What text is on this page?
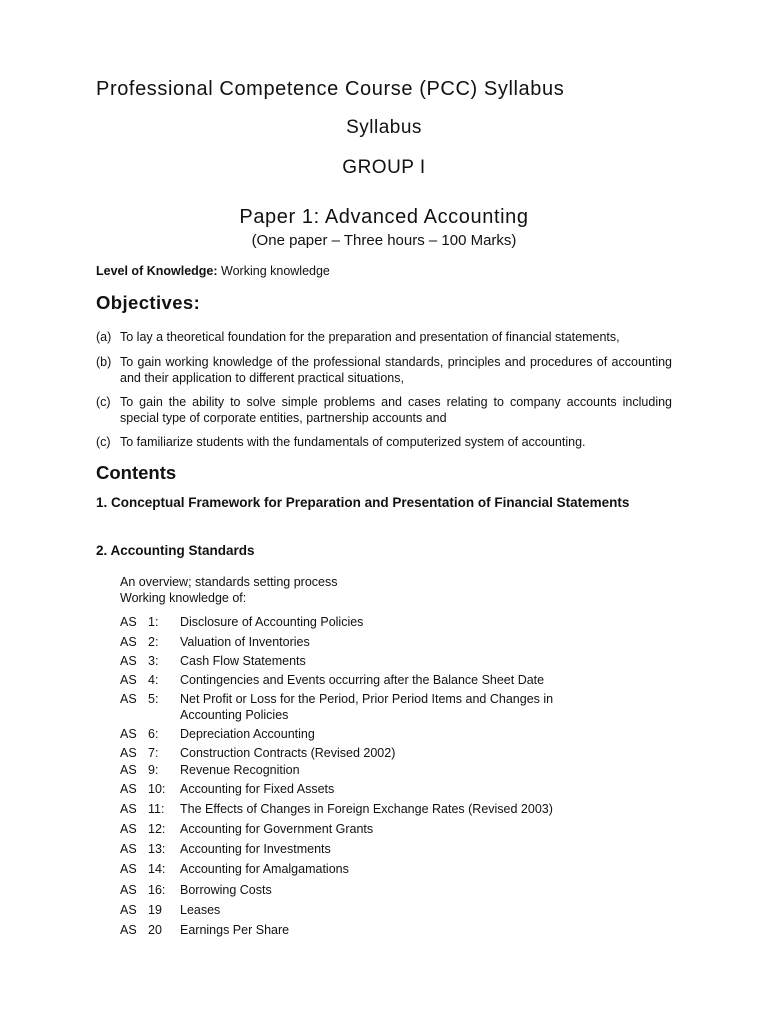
Professional Competence Course (PCC) Syllabus
Syllabus
GROUP I
Paper 1: Advanced Accounting
(One paper – Three hours – 100 Marks)
Level of Knowledge: Working knowledge
Objectives:
(a) To lay a theoretical foundation for the preparation and presentation of financial statements,
(b) To gain working knowledge of the professional standards, principles and procedures of accounting and their application to different practical situations,
(c) To gain the ability to solve simple problems and cases relating to company accounts including special type of corporate entities, partnership accounts and
(c) To familiarize students with the fundamentals of computerized system of accounting.
Contents
1. Conceptual Framework for Preparation and Presentation of Financial Statements
2. Accounting Standards
An overview; standards setting process
Working knowledge of:
AS 1: Disclosure of Accounting Policies
AS 2: Valuation of Inventories
AS 3: Cash Flow Statements
AS 4: Contingencies and Events occurring after the Balance Sheet Date
AS 5: Net Profit or Loss for the Period, Prior Period Items and Changes in Accounting Policies
AS 6: Depreciation Accounting
AS 7: Construction Contracts (Revised 2002)
AS 9: Revenue Recognition
AS 10: Accounting for Fixed Assets
AS 11: The Effects of Changes in Foreign Exchange Rates (Revised 2003)
AS 12: Accounting for Government Grants
AS 13: Accounting for Investments
AS 14: Accounting for Amalgamations
AS 16: Borrowing Costs
AS 19 Leases
AS 20 Earnings Per Share
